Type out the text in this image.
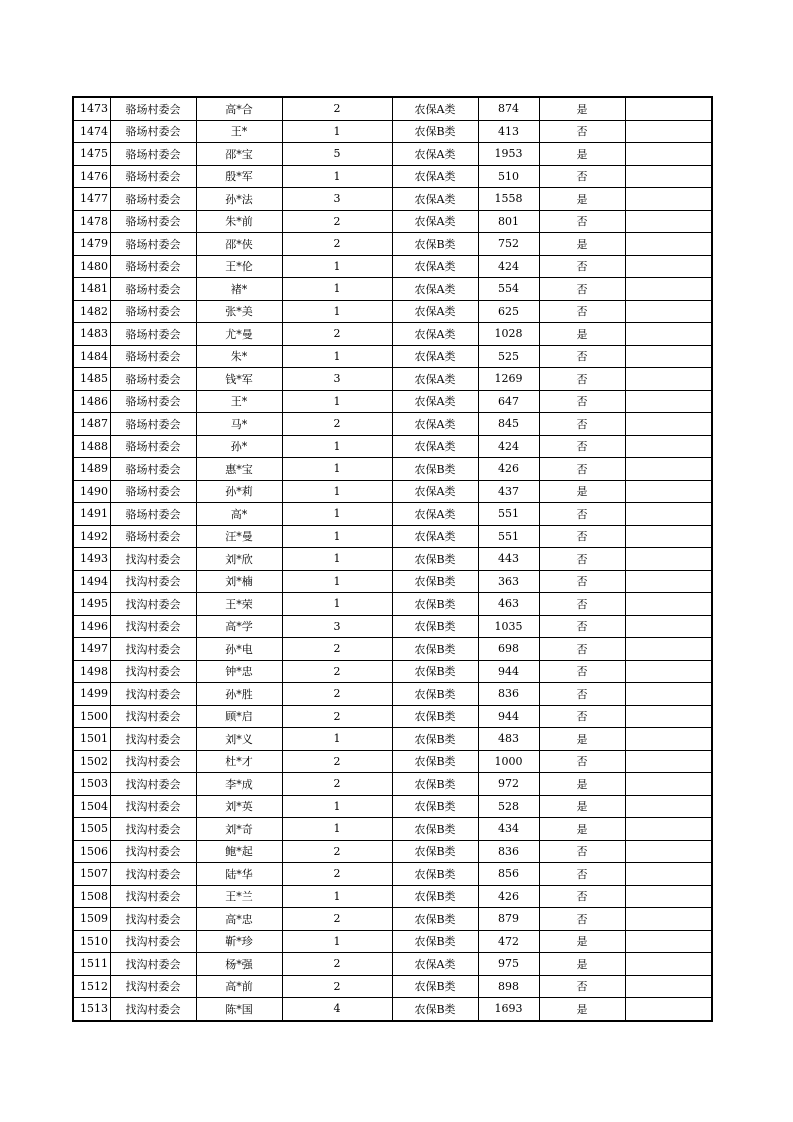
1473	骆场村委会	高*合	2	农保A类	874	是	
1474	骆场村委会	王*	1	农保B类	413	否	
1475	骆场村委会	邵*宝	5	农保A类	1953	是	
1476	骆场村委会	殷*军	1	农保A类	510	否	
1477	骆场村委会	孙*法	3	农保A类	1558	是	
1478	骆场村委会	朱*前	2	农保A类	801	否	
1479	骆场村委会	邵*侠	2	农保B类	752	是	
1480	骆场村委会	王*伦	1	农保A类	424	否	
1481	骆场村委会	褚*	1	农保A类	554	否	
1482	骆场村委会	张*美	1	农保A类	625	否	
1483	骆场村委会	尤*曼	2	农保A类	1028	是	
1484	骆场村委会	朱*	1	农保A类	525	否	
1485	骆场村委会	钱*军	3	农保A类	1269	否	
1486	骆场村委会	王*	1	农保A类	647	否	
1487	骆场村委会	马*	2	农保A类	845	否	
1488	骆场村委会	孙*	1	农保A类	424	否	
1489	骆场村委会	惠*宝	1	农保B类	426	否	
1490	骆场村委会	孙*莉	1	农保A类	437	是	
1491	骆场村委会	高*	1	农保A类	551	否	
1492	骆场村委会	汪*曼	1	农保A类	551	否	
1493	找沟村委会	刘*欣	1	农保B类	443	否	
1494	找沟村委会	刘*楠	1	农保B类	363	否	
1495	找沟村委会	王*荣	1	农保B类	463	否	
1496	找沟村委会	高*学	3	农保B类	1035	否	
1497	找沟村委会	孙*电	2	农保B类	698	否	
1498	找沟村委会	钟*忠	2	农保B类	944	否	
1499	找沟村委会	孙*胜	2	农保B类	836	否	
1500	找沟村委会	顾*启	2	农保B类	944	否	
1501	找沟村委会	刘*义	1	农保B类	483	是	
1502	找沟村委会	杜*才	2	农保B类	1000	否	
1503	找沟村委会	李*成	2	农保B类	972	是	
1504	找沟村委会	刘*英	1	农保B类	528	是	
1505	找沟村委会	刘*奇	1	农保B类	434	是	
1506	找沟村委会	鲍*起	2	农保B类	836	否	
1507	找沟村委会	陆*华	2	农保B类	856	否	
1508	找沟村委会	王*兰	1	农保B类	426	否	
1509	找沟村委会	高*忠	2	农保B类	879	否	
1510	找沟村委会	靳*珍	1	农保B类	472	是	
1511	找沟村委会	杨*强	2	农保A类	975	是	
1512	找沟村委会	高*前	2	农保B类	898	否	
1513	找沟村委会	陈*国	4	农保B类	1693	是	
